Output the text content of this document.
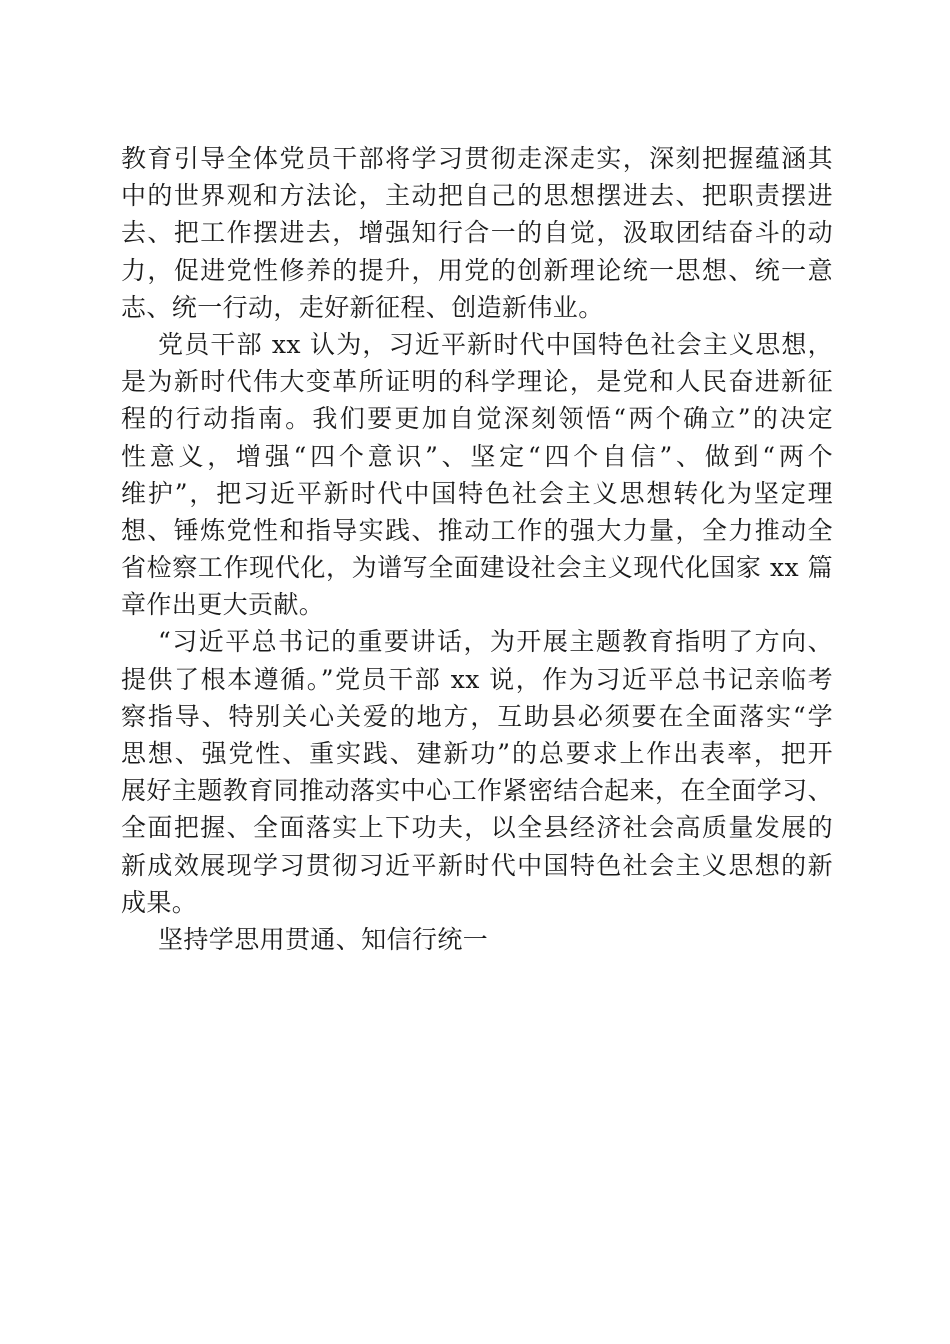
教育引导全体党员干部将学习贯彻走深走实，深刻把握蕴涵其
中的世界观和方法论，主动把自己的思想摆进去、把职责摆进
去、把工作摆进去，增强知行合一的自觉，汲取团结奋斗的动
力，促进党性修养的提升，用党的创新理论统一思想、统一意
志、统一行动，走好新征程、创造新伟业。
党员干部 xx 认为，习近平新时代中国特色社会主义思想，
是为新时代伟大变革所证明的科学理论，是党和人民奋进新征
程的行动指南。我们要更加自觉深刻领悟“两个确立”的决定
性意义，增强“四个意识”、坚定“四个自信”、做到“两个
维护”，把习近平新时代中国特色社会主义思想转化为坚定理
想、锤炼党性和指导实践、推动工作的强大力量，全力推动全
省检察工作现代化，为谱写全面建设社会主义现代化国家 xx 篇
章作出更大贡献。
“习近平总书记的重要讲话，为开展主题教育指明了方向、
提供了根本遵循。”党员干部 xx 说，作为习近平总书记亲临考
察指导、特别关心关爱的地方，互助县必须要在全面落实“学
思想、强党性、重实践、建新功”的总要求上作出表率，把开
展好主题教育同推动落实中心工作紧密结合起来，在全面学习、
全面把握、全面落实上下功夫，以全县经济社会高质量发展的
新成效展现学习贯彻习近平新时代中国特色社会主义思想的新
成果。
坚持学思用贯通、知信行统一
